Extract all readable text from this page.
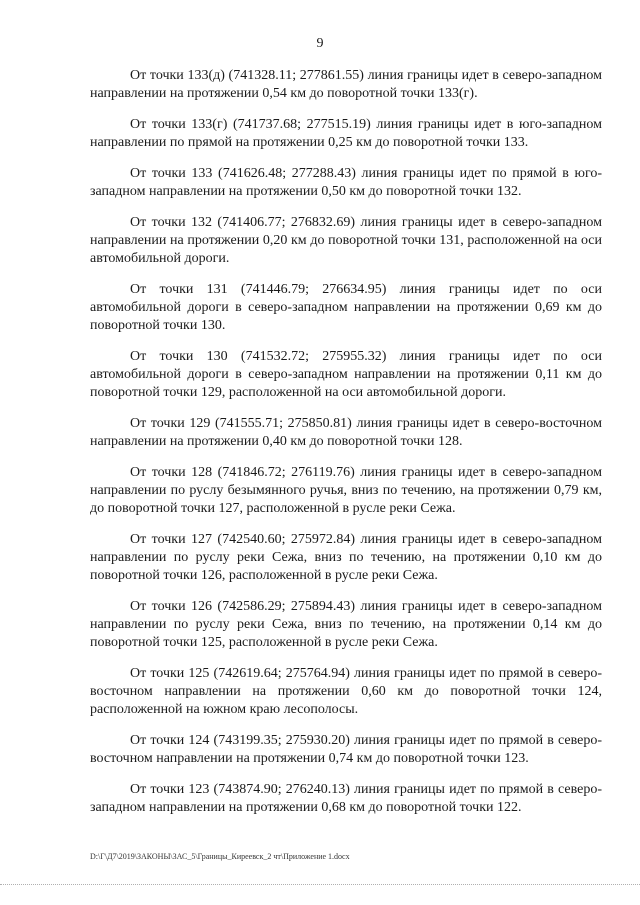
9

От точки 133(д) (741328.11; 277861.55) линия границы идет в северо-западном направлении на протяжении 0,54 км до поворотной точки 133(г).

От точки 133(г) (741737.68; 277515.19) линия границы идет в юго-западном направлении по прямой на протяжении 0,25 км до поворотной точки 133.

От точки 133 (741626.48; 277288.43) линия границы идет по прямой в юго-западном направлении на протяжении 0,50 км до поворотной точки 132.

От точки 132 (741406.77; 276832.69) линия границы идет в северо-западном направлении на протяжении 0,20 км до поворотной точки 131, расположенной на оси автомобильной дороги.

От точки 131 (741446.79; 276634.95) линия границы идет по оси автомобильной дороги в северо-западном направлении на протяжении 0,69 км до поворотной точки 130.

От точки 130 (741532.72; 275955.32) линия границы идет по оси автомобильной дороги в северо-западном направлении на протяжении 0,11 км до поворотной точки 129, расположенной на оси автомобильной дороги.

От точки 129 (741555.71; 275850.81) линия границы идет в северо-восточном направлении на протяжении 0,40 км до поворотной точки 128.

От точки 128 (741846.72; 276119.76) линия границы идет в северо-западном направлении по руслу безымянного ручья, вниз по течению, на протяжении 0,79 км, до поворотной точки 127, расположенной в русле реки Сежа.

От точки 127 (742540.60; 275972.84) линия границы идет в северо-западном направлении по руслу реки Сежа, вниз по течению, на протяжении 0,10 км до поворотной точки 126, расположенной в русле реки Сежа.

От точки 126 (742586.29; 275894.43) линия границы идет в северо-западном направлении по руслу реки Сежа, вниз по течению, на протяжении 0,14 км до поворотной точки 125, расположенной в русле реки Сежа.

От точки 125 (742619.64; 275764.94) линия границы идет по прямой в северо-восточном направлении на протяжении 0,60 км до поворотной точки 124, расположенной на южном краю лесополосы.

От точки 124 (743199.35; 275930.20) линия границы идет по прямой в северо-восточном направлении на протяжении 0,74 км до поворотной точки 123.

От точки 123 (743874.90; 276240.13) линия границы идет по прямой в северо-западном направлении на протяжении 0,68 км до поворотной точки 122.

D:\Г\Д7\2019\ЗАКОНЫ\ЗАС_5\Границы_Киреевск_2 чт\Приложение 1.docx
